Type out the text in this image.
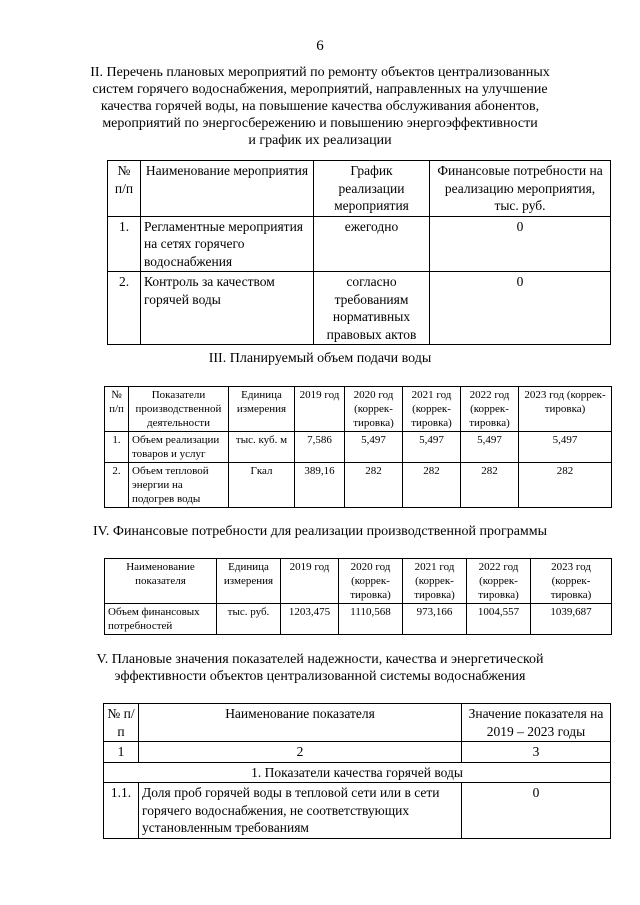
6
II. Перечень плановых мероприятий по ремонту объектов централизованных
систем горячего водоснабжения, мероприятий, направленных на улучшение
качества горячей воды, на повышение качества обслуживания абонентов,
мероприятий по энергосбережению и повышению энергоэффективности
и график их реализации
№ п/п	Наименование мероприятия	График реализации мероприятия	Финансовые потребности на реализацию мероприятия, тыс. руб.
1.	Регламентные мероприятия на сетях горячего водоснабжения	ежегодно	0
2.	Контроль за качеством горячей воды	согласно требованиям нормативных правовых актов	0
III. Планируемый объем подачи воды
№ п/п	Показатели производственной деятельности	Единица измерения	2019 год	2020 год (коррек-тировка)	2021 год (коррек-тировка)	2022 год (коррек-тировка)	2023 год (коррек-тировка)
1.	Объем реализации товаров и услуг	тыс. куб. м	7,586	5,497	5,497	5,497	5,497
2.	Объем тепловой энергии на подогрев воды	Гкал	389,16	282	282	282	282
IV. Финансовые потребности для реализации производственной программы
Наименование показателя	Единица измерения	2019 год	2020 год (коррек-тировка)	2021 год (коррек-тировка)	2022 год (коррек-тировка)	2023 год (коррек-тировка)
Объем финансовых потребностей	тыс. руб.	1203,475	1110,568	973,166	1004,557	1039,687
V. Плановые значения показателей надежности, качества и энергетической
эффективности объектов централизованной системы водоснабжения
№ п/п	Наименование показателя	Значение показателя на 2019 – 2023 годы
1	2	3
1. Показатели качества горячей воды		
1.1.	Доля проб горячей воды в тепловой сети или в сети горячего водоснабжения, не соответствующих установленным требованиям	0
